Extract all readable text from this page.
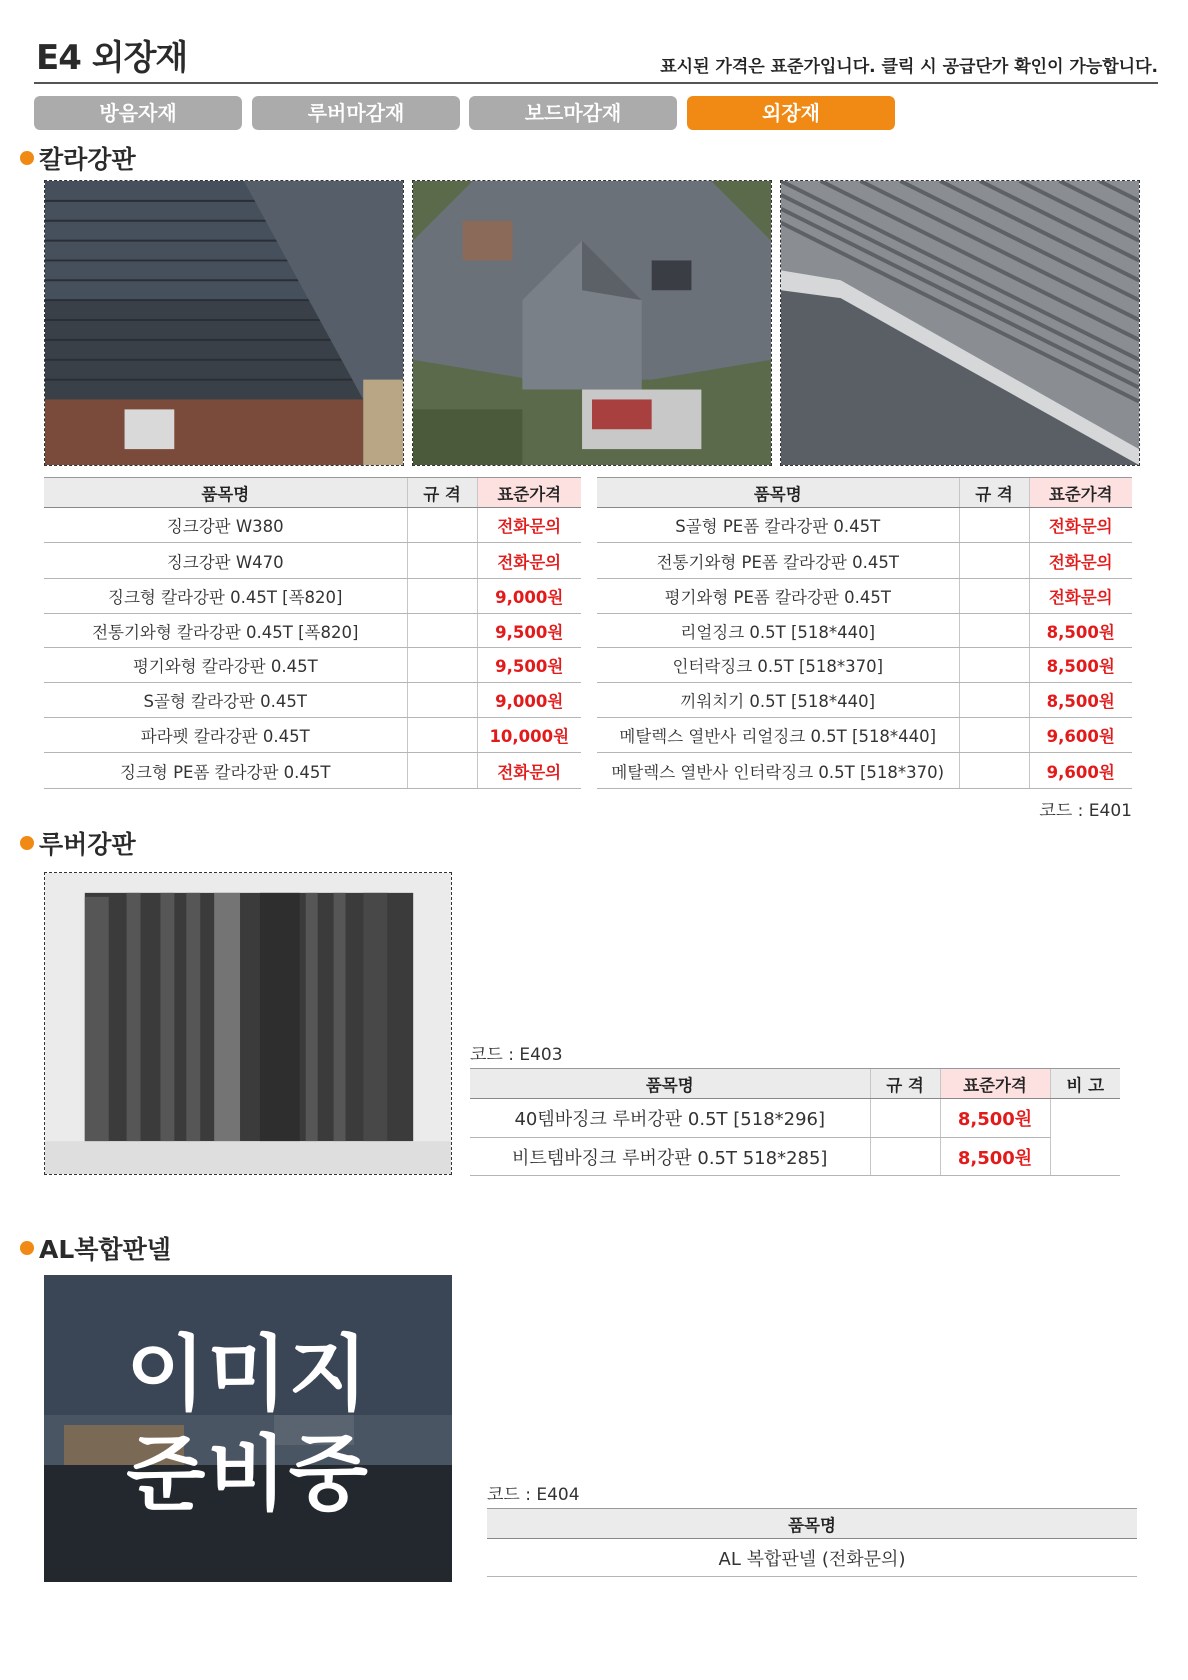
E4 외장재	표시된 가격은 표준가입니다. 클릭 시 공급단가 확인이 가능합니다.
방음자재	루버마감재	보드마감재	외장재
칼라강판
품목명	규 격	표준가격
징크강판 W380		전화문의
징크강판 W470		전화문의
징크형 칼라강판 0.45T [폭820]		9,000원
전통기와형 칼라강판 0.45T [폭820]		9,500원
평기와형 칼라강판 0.45T		9,500원
S골형 칼라강판 0.45T		9,000원
파라펫 칼라강판 0.45T		10,000원
징크형 PE폼 칼라강판 0.45T		전화문의
품목명	규 격	표준가격
S골형 PE폼 칼라강판 0.45T		전화문의
전통기와형 PE폼 칼라강판 0.45T		전화문의
평기와형 PE폼 칼라강판 0.45T		전화문의
리얼징크 0.5T [518*440]		8,500원
인터락징크 0.5T [518*370]		8,500원
끼워치기 0.5T [518*440]		8,500원
메탈렉스 열반사 리얼징크 0.5T [518*440]		9,600원
메탈렉스 열반사 인터락징크 0.5T [518*370)		9,600원
코드 : E401
루버강판
코드 : E403
품목명	규 격	표준가격	비 고
40템바징크 루버강판 0.5T [518*296]		8,500원	
비트템바징크 루버강판 0.5T 518*285]		8,500원	
AL복합판넬
이미지
준비중	코드 : E404
품목명
AL 복합판넬 (전화문의)
